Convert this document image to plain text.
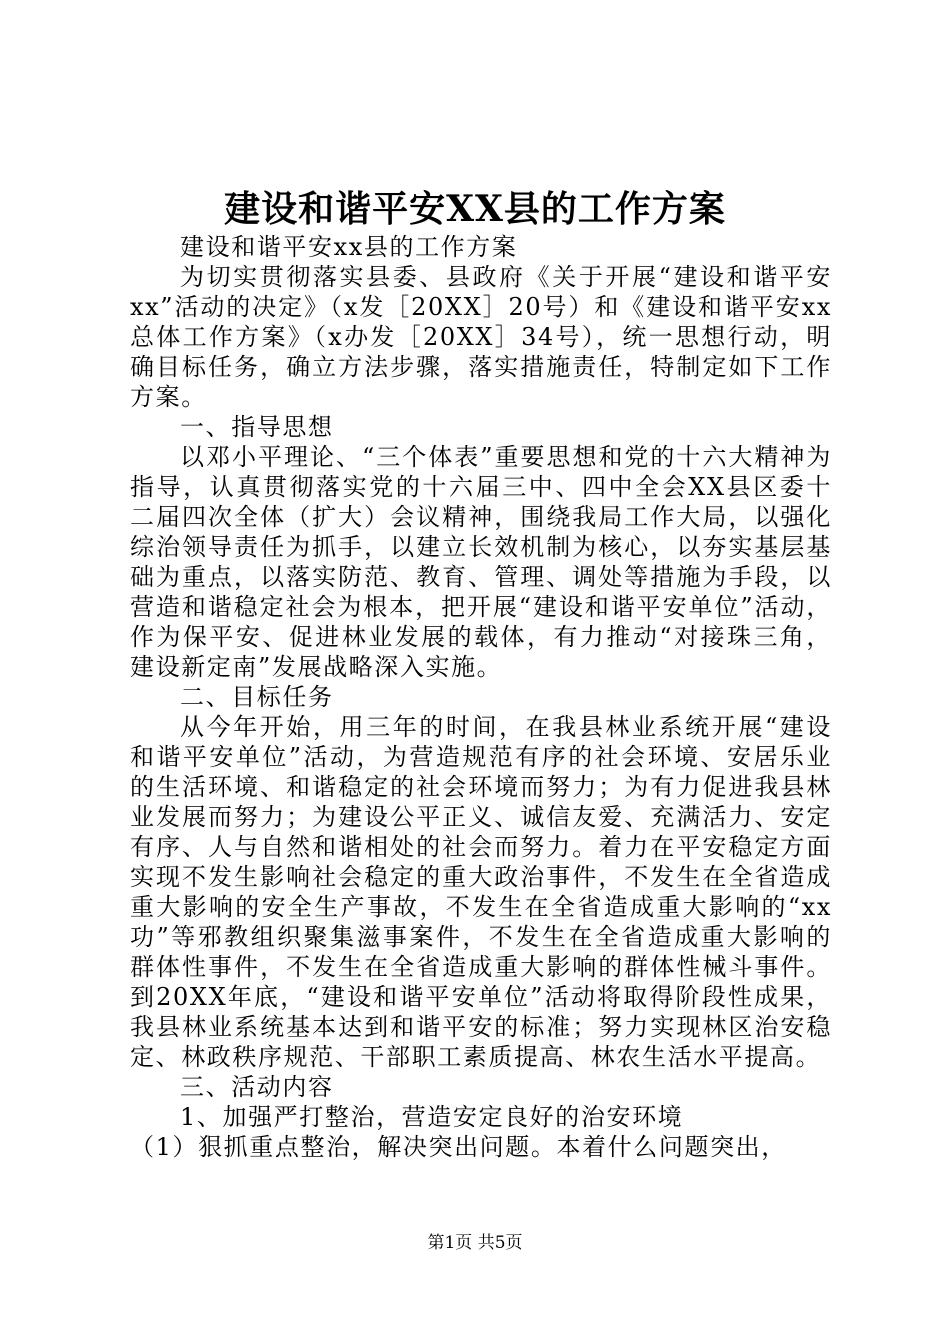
建设和谐平安XX县的工作方案

建设和谐平安xx县的工作方案

为切实贯彻落实县委、县政府《关于开展“建设和谐平安xx”活动的决定》（x发［20XX］20号）和《建设和谐平安xx总体工作方案》（x办发［20XX］34号），统一思想行动，明确目标任务，确立方法步骤，落实措施责任，特制定如下工作方案。

一、指导思想

以邓小平理论、“三个体表”重要思想和党的十六大精神为指导，认真贯彻落实党的十六届三中、四中全会XX县区委十二届四次全体（扩大）会议精神，围绕我局工作大局，以强化综治领导责任为抓手，以建立长效机制为核心，以夯实基层基础为重点，以落实防范、教育、管理、调处等措施为手段，以营造和谐稳定社会为根本，把开展“建设和谐平安单位”活动，作为保平安、促进林业发展的载体，有力推动“对接珠三角，建设新定南”发展战略深入实施。

二、目标任务

从今年开始，用三年的时间，在我县林业系统开展“建设和谐平安单位”活动，为营造规范有序的社会环境、安居乐业的生活环境、和谐稳定的社会环境而努力；为有力促进我县林业发展而努力；为建设公平正义、诚信友爱、充满活力、安定有序、人与自然和谐相处的社会而努力。着力在平安稳定方面实现不发生影响社会稳定的重大政治事件，不发生在全省造成重大影响的安全生产事故，不发生在全省造成重大影响的“xx功”等邪教组织聚集滋事案件，不发生在全省造成重大影响的群体性事件，不发生在全省造成重大影响的群体性械斗事件。到20XX年底，“建设和谐平安单位”活动将取得阶段性成果，我县林业系统基本达到和谐平安的标准；努力实现林区治安稳定、林政秩序规范、干部职工素质提高、林农生活水平提高。

三、活动内容

1、加强严打整治，营造安定良好的治安环境

（1）狠抓重点整治，解决突出问题。本着什么问题突出，

第1页 共5页
